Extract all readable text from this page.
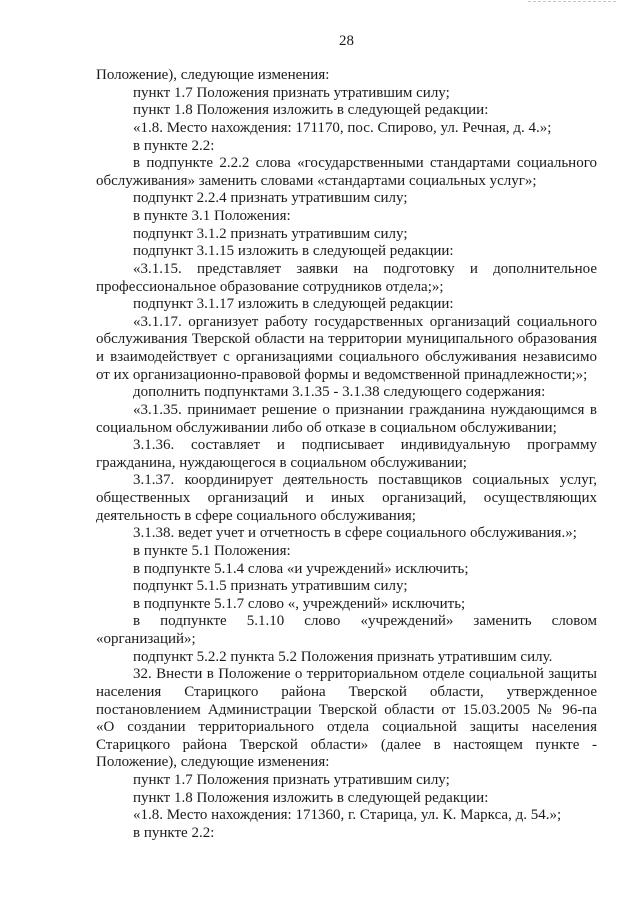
28
Положение), следующие изменения:
пункт 1.7 Положения признать утратившим силу;
пункт 1.8 Положения изложить в следующей редакции:
«1.8. Место нахождения: 171170, пос. Спирово, ул. Речная, д. 4.»;
в пункте 2.2:
в подпункте 2.2.2 слова «государственными стандартами социального
обслуживания» заменить словами «стандартами социальных услуг»;
подпункт 2.2.4 признать утратившим силу;
в пункте 3.1 Положения:
подпункт 3.1.2 признать утратившим силу;
подпункт 3.1.15 изложить в следующей редакции:
«3.1.15. представляет заявки на подготовку и дополнительное
профессиональное образование сотрудников отдела;»;
подпункт 3.1.17 изложить в следующей редакции:
«3.1.17. организует работу государственных организаций социального
обслуживания Тверской области на территории муниципального образования
и взаимодействует с организациями социального обслуживания независимо
от их организационно-правовой формы и ведомственной принадлежности;»;
дополнить подпунктами 3.1.35 - 3.1.38 следующего содержания:
«3.1.35. принимает решение о признании гражданина нуждающимся в
социальном обслуживании либо об отказе в социальном обслуживании;
3.1.36. составляет и подписывает индивидуальную программу
гражданина, нуждающегося в социальном обслуживании;
3.1.37. координирует деятельность поставщиков социальных услуг,
общественных организаций и иных организаций, осуществляющих
деятельность в сфере социального обслуживания;
3.1.38. ведет учет и отчетность в сфере социального обслуживания.»;
в пункте 5.1 Положения:
в подпункте 5.1.4 слова «и учреждений» исключить;
подпункт 5.1.5 признать утратившим силу;
в подпункте 5.1.7 слово «, учреждений» исключить;
в подпункте 5.1.10 слово «учреждений» заменить словом
«организаций»;
подпункт 5.2.2 пункта 5.2 Положения признать утратившим силу.
32. Внести в Положение о территориальном отделе социальной защиты
населения Старицкого района Тверской области, утвержденное
постановлением Администрации Тверской области от 15.03.2005 № 96-па
«О создании территориального отдела социальной защиты населения
Старицкого района Тверской области» (далее в настоящем пункте -
Положение), следующие изменения:
пункт 1.7 Положения признать утратившим силу;
пункт 1.8 Положения изложить в следующей редакции:
«1.8. Место нахождения: 171360, г. Старица, ул. К. Маркса, д. 54.»;
в пункте 2.2:
